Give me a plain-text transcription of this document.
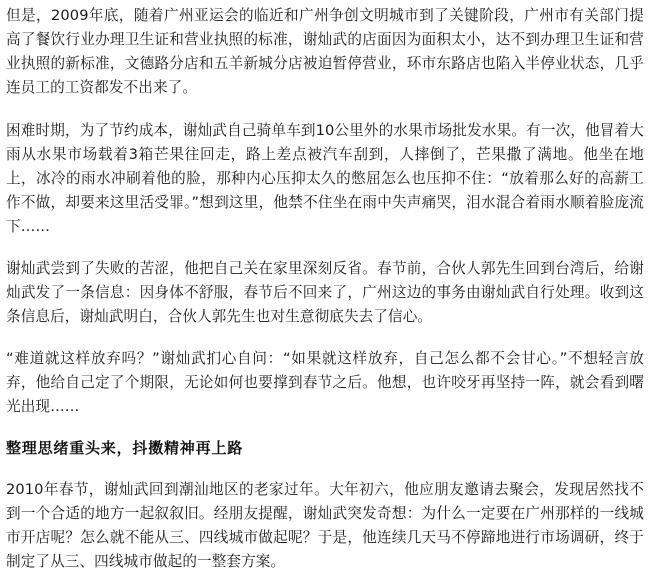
但是，2009年底，随着广州亚运会的临近和广州争创文明城市到了关键阶段，广州市有关部门提高了餐饮行业办理卫生证和营业执照的标准，谢灿武的店面因为面积太小，达不到办理卫生证和营业执照的新标准，文德路分店和五羊新城分店被迫暂停营业，环市东路店也陷入半停业状态，几乎连员工的工资都发不出来了。

困难时期，为了节约成本，谢灿武自己骑单车到10公里外的水果市场批发水果。有一次，他冒着大雨从水果市场载着3箱芒果往回走，路上差点被汽车刮到，人摔倒了，芒果撒了满地。他坐在地上，冰冷的雨水冲刷着他的脸，那种内心压抑太久的憋屈怎么也压抑不住：“放着那么好的高薪工作不做，却要来这里活受罪。”想到这里，他禁不住坐在雨中失声痛哭，泪水混合着雨水顺着脸庞流下……

谢灿武尝到了失败的苦涩，他把自己关在家里深刻反省。春节前，合伙人郭先生回到台湾后，给谢灿武发了一条信息：因身体不舒服，春节后不回来了，广州这边的事务由谢灿武自行处理。收到这条信息后，谢灿武明白，合伙人郭先生也对生意彻底失去了信心。

“难道就这样放弃吗？”谢灿武扪心自问：“如果就这样放弃，自己怎么都不会甘心。”不想轻言放弃，他给自己定了个期限，无论如何也要撑到春节之后。他想，也许咬牙再坚持一阵，就会看到曙光出现……

整理思绪重头来，抖擞精神再上路

2010年春节，谢灿武回到潮汕地区的老家过年。大年初六，他应朋友邀请去聚会，发现居然找不到一个合适的地方一起叙叙旧。经朋友提醒，谢灿武突发奇想：为什么一定要在广州那样的一线城市开店呢？怎么就不能从三、四线城市做起呢？于是，他连续几天马不停蹄地进行市场调研，终于制定了从三、四线城市做起的一整套方案。
